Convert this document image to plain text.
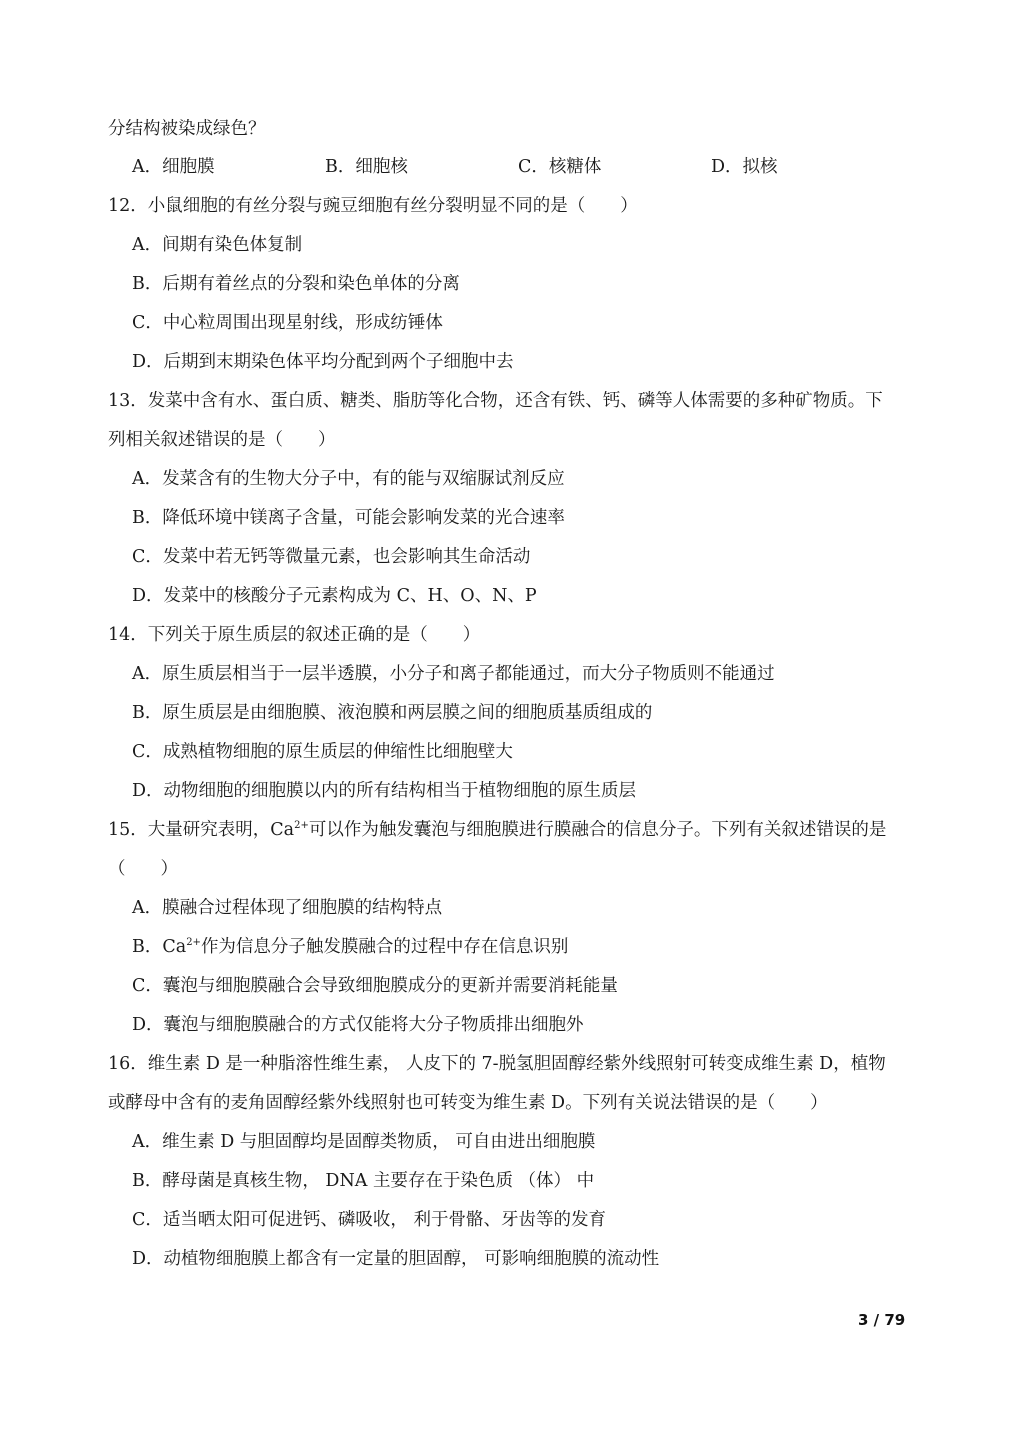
分结构被染成绿色？
A．细胞膜	B．细胞核	C．核糖体	D．拟核
12．小鼠细胞的有丝分裂与豌豆细胞有丝分裂明显不同的是（　　）
A．间期有染色体复制
B．后期有着丝点的分裂和染色单体的分离
C．中心粒周围出现星射线，形成纺锤体
D．后期到末期染色体平均分配到两个子细胞中去
13．发菜中含有水、蛋白质、糖类、脂肪等化合物，还含有铁、钙、磷等人体需要的多种矿物质。下
列相关叙述错误的是（　　）
A．发菜含有的生物大分子中，有的能与双缩脲试剂反应
B．降低环境中镁离子含量，可能会影响发菜的光合速率
C．发菜中若无钙等微量元素，也会影响其生命活动
D．发菜中的核酸分子元素构成为 C、H、O、N、P
14．下列关于原生质层的叙述正确的是（　　）
A．原生质层相当于一层半透膜，小分子和离子都能通过，而大分子物质则不能通过
B．原生质层是由细胞膜、液泡膜和两层膜之间的细胞质基质组成的
C．成熟植物细胞的原生质层的伸缩性比细胞壁大
D．动物细胞的细胞膜以内的所有结构相当于植物细胞的原生质层
15．大量研究表明，$Ca^{2+}$可以作为触发囊泡与细胞膜进行膜融合的信息分子。下列有关叙述错误的是
（　　）
A．膜融合过程体现了细胞膜的结构特点
B．$Ca^{2+}$作为信息分子触发膜融合的过程中存在信息识别
C．囊泡与细胞膜融合会导致细胞膜成分的更新并需要消耗能量
D．囊泡与细胞膜融合的方式仅能将大分子物质排出细胞外
16．维生素 D 是一种脂溶性维生素， 人皮下的 7-脱氢胆固醇经紫外线照射可转变成维生素 D，植物
或酵母中含有的麦角固醇经紫外线照射也可转变为维生素 D。下列有关说法错误的是（　　）
A．维生素 D 与胆固醇均是固醇类物质， 可自由进出细胞膜
B．酵母菌是真核生物， DNA 主要存在于染色质 （体） 中
C．适当晒太阳可促进钙、磷吸收， 利于骨骼、牙齿等的发育
D．动植物细胞膜上都含有一定量的胆固醇， 可影响细胞膜的流动性
3 / 79
